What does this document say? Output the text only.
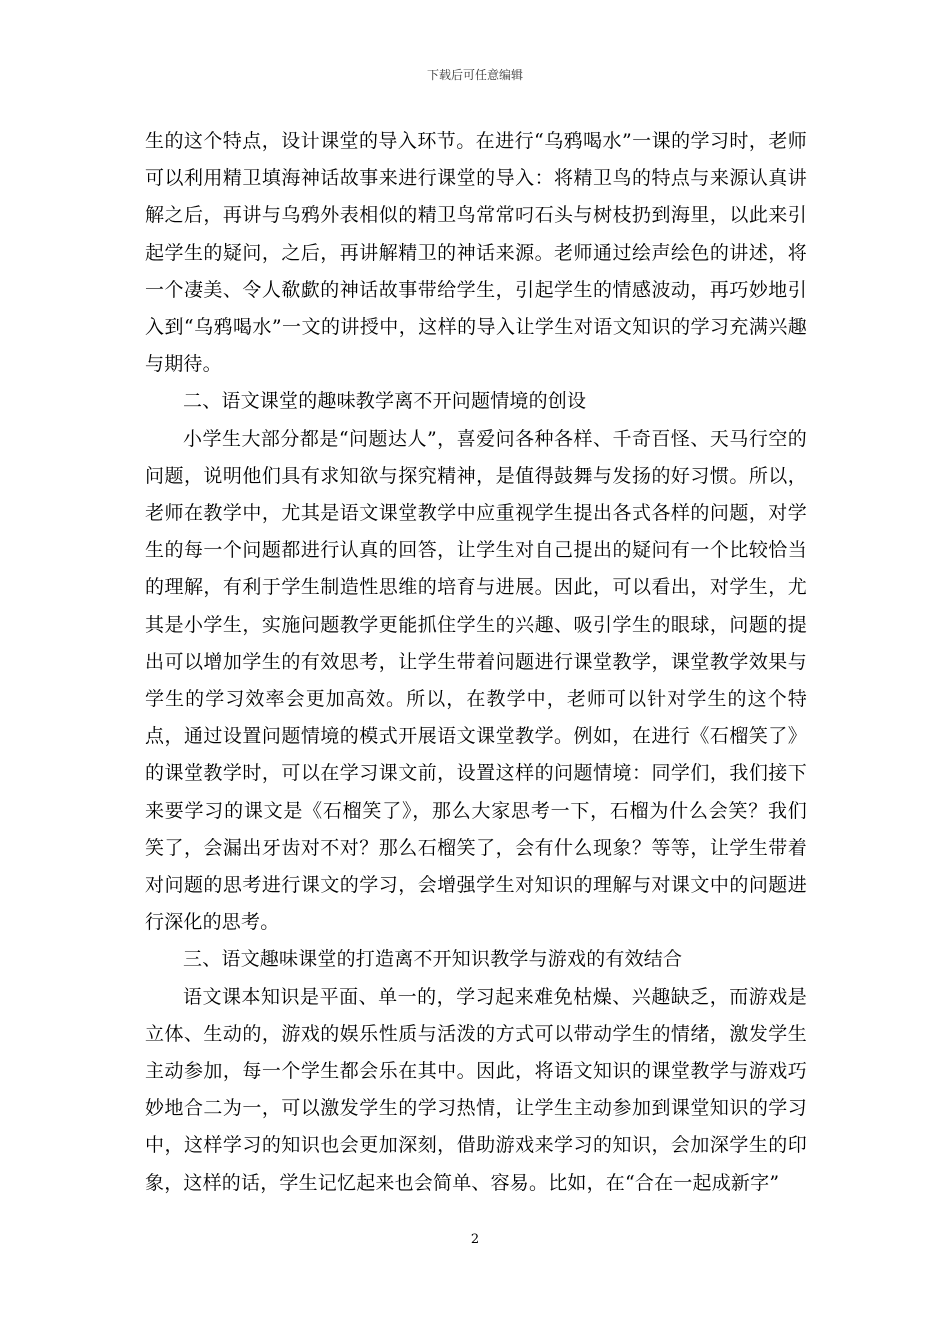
下载后可任意编辑

生的这个特点，设计课堂的导入环节。在进行“乌鸦喝水”一课的学习时，老师可以利用精卫填海神话故事来进行课堂的导入：将精卫鸟的特点与来源认真讲解之后，再讲与乌鸦外表相似的精卫鸟常常叼石头与树枝扔到海里，以此来引起学生的疑问，之后，再讲解精卫的神话来源。老师通过绘声绘色的讲述，将一个凄美、令人欷歔的神话故事带给学生，引起学生的情感波动，再巧妙地引入到“乌鸦喝水”一文的讲授中，这样的导入让学生对语文知识的学习充满兴趣与期待。

二、语文课堂的趣味教学离不开问题情境的创设

小学生大部分都是“问题达人”，喜爱问各种各样、千奇百怪、天马行空的问题，说明他们具有求知欲与探究精神，是值得鼓舞与发扬的好习惯。所以，老师在教学中，尤其是语文课堂教学中应重视学生提出各式各样的问题，对学生的每一个问题都进行认真的回答，让学生对自己提出的疑问有一个比较恰当的理解，有利于学生制造性思维的培育与进展。因此，可以看出，对学生，尤其是小学生，实施问题教学更能抓住学生的兴趣、吸引学生的眼球，问题的提出可以增加学生的有效思考，让学生带着问题进行课堂教学，课堂教学效果与学生的学习效率会更加高效。所以，在教学中，老师可以针对学生的这个特点，通过设置问题情境的模式开展语文课堂教学。例如，在进行《石榴笑了》的课堂教学时，可以在学习课文前，设置这样的问题情境：同学们，我们接下来要学习的课文是《石榴笑了》，那么大家思考一下，石榴为什么会笑？我们笑了，会漏出牙齿对不对？那么石榴笑了，会有什么现象？等等，让学生带着对问题的思考进行课文的学习，会增强学生对知识的理解与对课文中的问题进行深化的思考。

三、语文趣味课堂的打造离不开知识教学与游戏的有效结合

语文课本知识是平面、单一的，学习起来难免枯燥、兴趣缺乏，而游戏是立体、生动的，游戏的娱乐性质与活泼的方式可以带动学生的情绪，激发学生主动参加，每一个学生都会乐在其中。因此，将语文知识的课堂教学与游戏巧妙地合二为一，可以激发学生的学习热情，让学生主动参加到课堂知识的学习中，这样学习的知识也会更加深刻，借助游戏来学习的知识，会加深学生的印象，这样的话，学生记忆起来也会简单、容易。比如，在“合在一起成新字”

2
